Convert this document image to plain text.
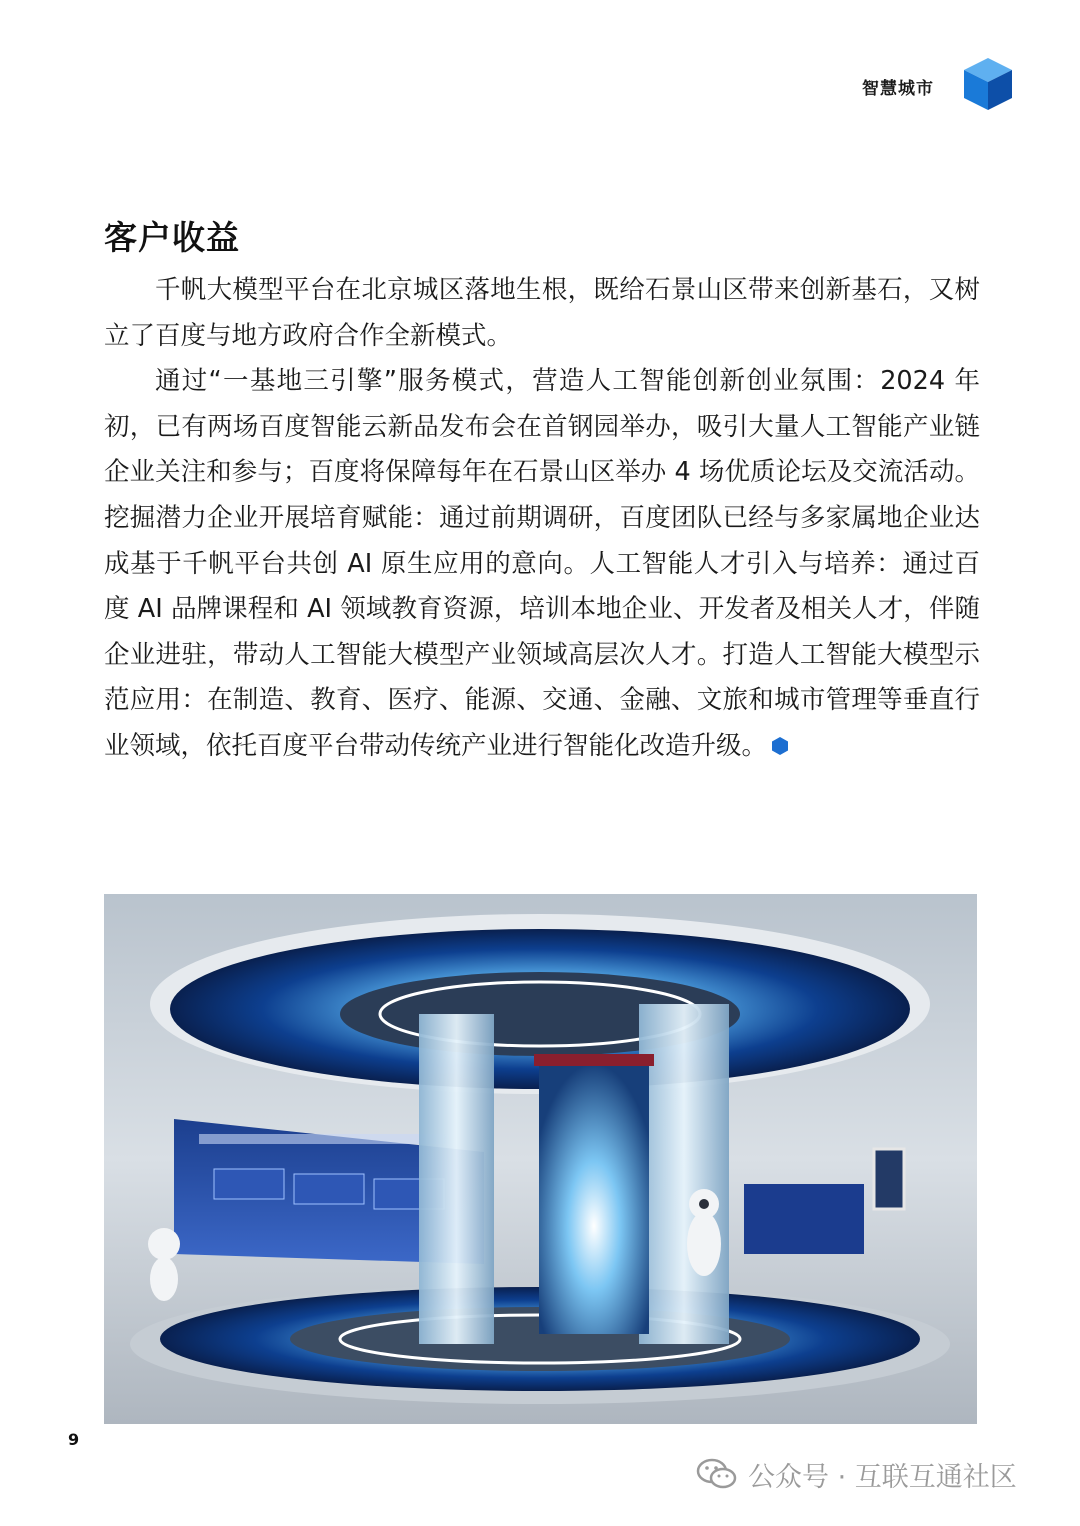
智慧城市
客户收益

千帆大模型平台在北京城区落地生根，既给石景山区带来创新基石，又树立了百度与地方政府合作全新模式。

通过“一基地三引擎”服务模式，营造人工智能创新创业氛围：2024 年初，已有两场百度智能云新品发布会在首钢园举办，吸引大量人工智能产业链企业关注和参与；百度将保障每年在石景山区举办 4 场优质论坛及交流活动。挖掘潜力企业开展培育赋能：通过前期调研，百度团队已经与多家属地企业达成基于千帆平台共创 AI 原生应用的意向。人工智能人才引入与培养：通过百度 AI 品牌课程和 AI 领域教育资源，培训本地企业、开发者及相关人才，伴随企业进驻，带动人工智能大模型产业领域高层次人才。打造人工智能大模型示范应用：在制造、教育、医疗、能源、交通、金融、文旅和城市管理等垂直行业领域，依托百度平台带动传统产业进行智能化改造升级。

9
公众号 · 互联互通社区
